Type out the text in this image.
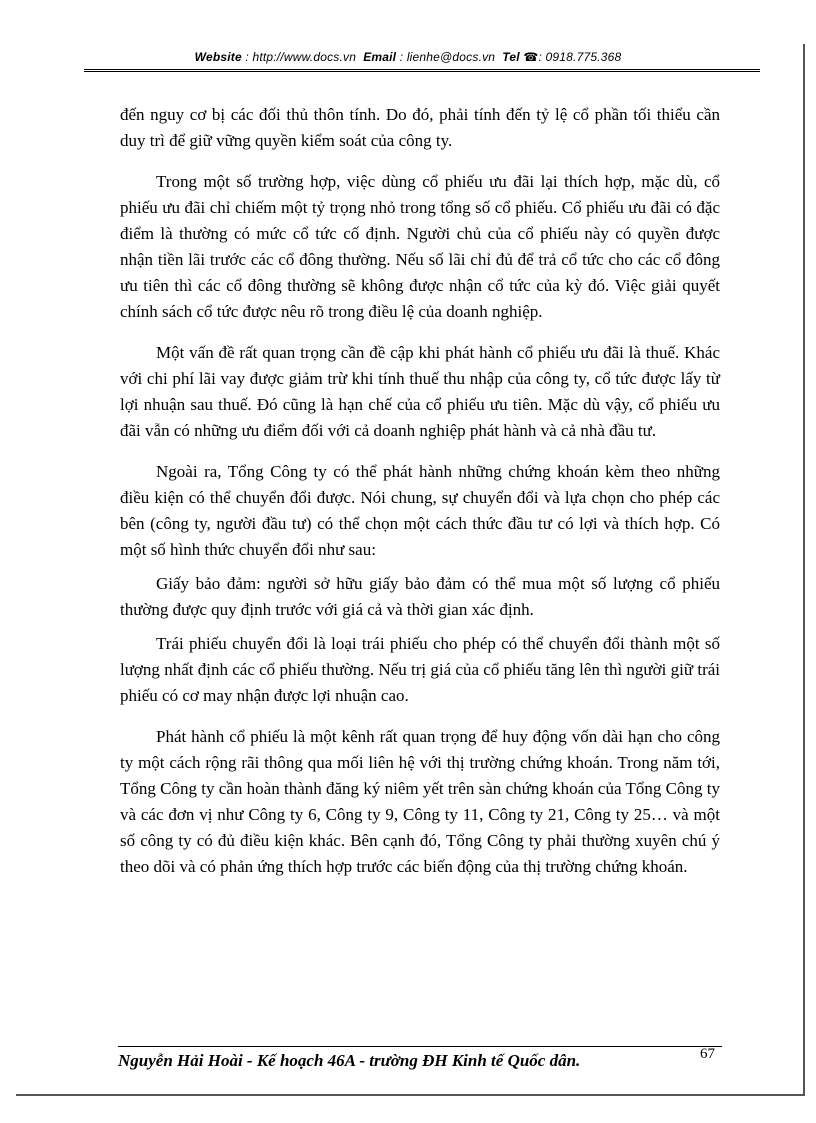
Website : http://www.docs.vn Email : lienhe@docs.vn Tel ☎: 0918.775.368

đến nguy cơ bị các đối thủ thôn tính. Do đó, phải tính đến tỷ lệ cổ phần tối thiểu cần duy trì để giữ vững quyền kiểm soát của công ty.

Trong một số trường hợp, việc dùng cổ phiếu ưu đãi lại thích hợp, mặc dù, cổ phiếu ưu đãi chỉ chiếm một tỷ trọng nhỏ trong tổng số cổ phiếu. Cổ phiếu ưu đãi có đặc điểm là thường có mức cổ tức cố định. Người chủ của cổ phiếu này có quyền được nhận tiền lãi trước các cổ đông thường. Nếu số lãi chỉ đủ để trả cổ tức cho các cổ đông ưu tiên thì các cổ đông thường sẽ không được nhận cổ tức của kỳ đó. Việc giải quyết chính sách cổ tức được nêu rõ trong điều lệ của doanh nghiệp.

Một vấn đề rất quan trọng cần đề cập khi phát hành cổ phiếu ưu đãi là thuế. Khác với chi phí lãi vay được giảm trừ khi tính thuế thu nhập của công ty, cổ tức được lấy từ lợi nhuận sau thuế. Đó cũng là hạn chế của cổ phiếu ưu tiên. Mặc dù vậy, cổ phiếu ưu đãi vẫn có những ưu điểm đối với cả doanh nghiệp phát hành và cả nhà đầu tư.

Ngoài ra, Tổng Công ty có thể phát hành những chứng khoán kèm theo những điều kiện có thể chuyển đổi được. Nói chung, sự chuyển đổi và lựa chọn cho phép các bên (công ty, người đầu tư) có thể chọn một cách thức đầu tư có lợi và thích hợp. Có một số hình thức chuyển đổi như sau:

Giấy bảo đảm: người sở hữu giấy bảo đảm có thể mua một số lượng cổ phiếu thường được quy định trước với giá cả và thời gian xác định.

Trái phiếu chuyển đổi là loại trái phiếu cho phép có thể chuyển đổi thành một số lượng nhất định các cổ phiếu thường. Nếu trị giá của cổ phiếu tăng lên thì người giữ trái phiếu có cơ may nhận được lợi nhuận cao.

Phát hành cổ phiếu là một kênh rất quan trọng để huy động vốn dài hạn cho công ty một cách rộng rãi thông qua mối liên hệ với thị trường chứng khoán. Trong năm tới, Tổng Công ty cần hoàn thành đăng ký niêm yết trên sàn chứng khoán của Tổng Công ty và các đơn vị như Công ty 6, Công ty 9, Công ty 11, Công ty 21, Công ty 25… và một số công ty có đủ điều kiện khác. Bên cạnh đó, Tổng Công ty phải thường xuyên chú ý theo dõi và có phản ứng thích hợp trước các biến động của thị trường chứng khoán.

Nguyễn Hải Hoài - Kế hoạch 46A - trường ĐH Kinh tế Quốc dân.	67
